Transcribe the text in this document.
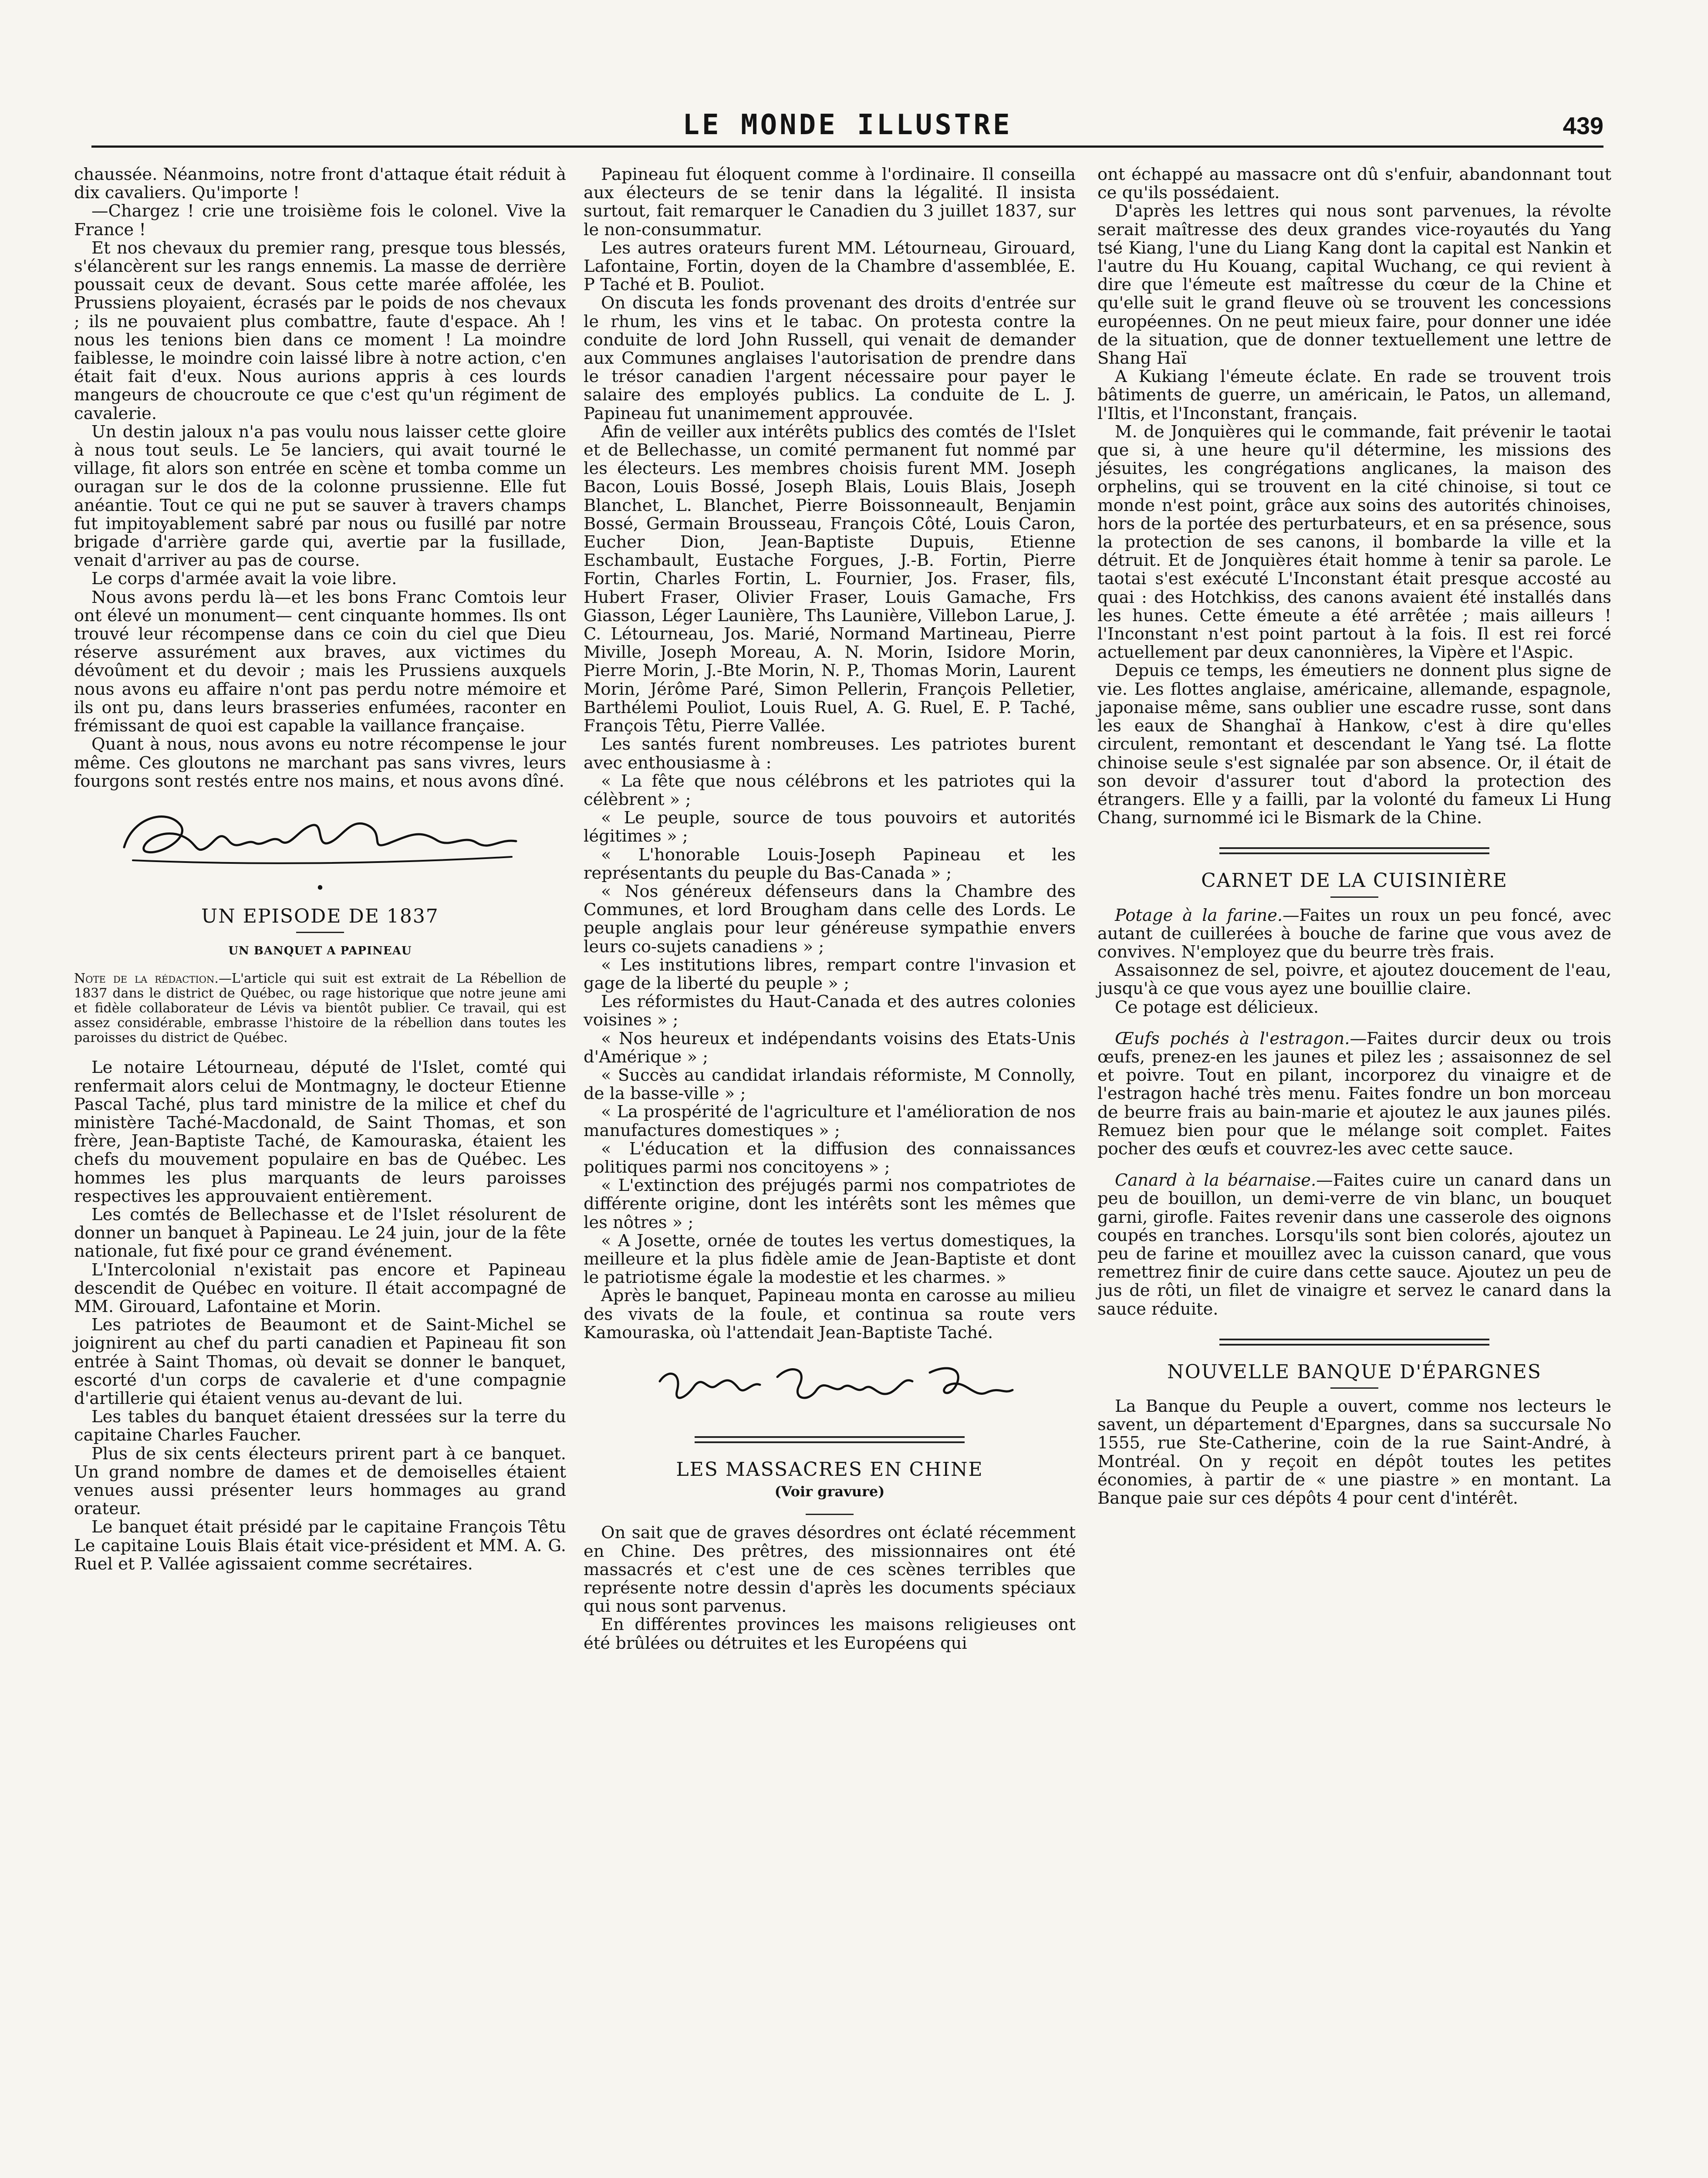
LE MONDE ILLUSTRE	439

chaussée. Néanmoins, notre front d'attaque était réduit à dix cavaliers. Qu'importe !

—Chargez ! crie une troisième fois le colonel. Vive la France !

Et nos chevaux du premier rang, presque tous blessés, s'élancèrent sur les rangs ennemis. La masse de derrière poussait ceux de devant. Sous cette marée affolée, les Prussiens ployaient, écrasés par le poids de nos chevaux ; ils ne pouvaient plus combattre, faute d'espace. Ah ! nous les tenions bien dans ce moment ! La moindre faiblesse, le moindre coin laissé libre à notre action, c'en était fait d'eux. Nous aurions appris à ces lourds mangeurs de choucroute ce que c'est qu'un régiment de cavalerie.

Un destin jaloux n'a pas voulu nous laisser cette gloire à nous tout seuls. Le 5e lanciers, qui avait tourné le village, fit alors son entrée en scène et tomba comme un ouragan sur le dos de la colonne prussienne. Elle fut anéantie. Tout ce qui ne put se sauver à travers champs fut impitoyablement sabré par nous ou fusillé par notre brigade d'arrière garde qui, avertie par la fusillade, venait d'arriver au pas de course.

Le corps d'armée avait la voie libre.

Nous avons perdu là—et les bons Franc Comtois leur ont élevé un monument— cent cinquante hommes. Ils ont trouvé leur récompense dans ce coin du ciel que Dieu réserve assurément aux braves, aux victimes du dévoûment et du devoir ; mais les Prussiens auxquels nous avons eu affaire n'ont pas perdu notre mémoire et ils ont pu, dans leurs brasseries enfumées, raconter en frémissant de quoi est capable la vaillance française.

Quant à nous, nous avons eu notre récompense le jour même. Ces gloutons ne marchant pas sans vivres, leurs fourgons sont restés entre nos mains, et nous avons dîné.

•
UN EPISODE DE 1837
UN BANQUET A PAPINEAU
Note de la rédaction.—L'article qui suit est extrait de La Rébellion de 1837 dans le district de Québec, ou rage historique que notre jeune ami et fidèle collaborateur de Lévis va bientôt publier. Ce travail, qui est assez considérable, embrasse l'histoire de la rébellion dans toutes les paroisses du district de Québec.

Le notaire Létourneau, député de l'Islet, comté qui renfermait alors celui de Montmagny, le docteur Etienne Pascal Taché, plus tard ministre de la milice et chef du ministère Taché-Macdonald, de Saint Thomas, et son frère, Jean-Baptiste Taché, de Kamouraska, étaient les chefs du mouvement populaire en bas de Québec. Les hommes les plus marquants de leurs paroisses respectives les approuvaient entièrement.

Les comtés de Bellechasse et de l'Islet résolurent de donner un banquet à Papineau. Le 24 juin, jour de la fête nationale, fut fixé pour ce grand événement.

L'Intercolonial n'existait pas encore et Papineau descendit de Québec en voiture. Il était accompagné de MM. Girouard, Lafontaine et Morin.

Les patriotes de Beaumont et de Saint-Michel se joignirent au chef du parti canadien et Papineau fit son entrée à Saint Thomas, où devait se donner le banquet, escorté d'un corps de cavalerie et d'une compagnie d'artillerie qui étaient venus au-devant de lui.

Les tables du banquet étaient dressées sur la terre du capitaine Charles Faucher.

Plus de six cents électeurs prirent part à ce banquet. Un grand nombre de dames et de demoiselles étaient venues aussi présenter leurs hommages au grand orateur.

Le banquet était présidé par le capitaine François Têtu Le capitaine Louis Blais était vice-président et MM. A. G. Ruel et P. Vallée agissaient comme secrétaires.

Papineau fut éloquent comme à l'ordinaire. Il conseilla aux électeurs de se tenir dans la légalité. Il insista surtout, fait remarquer le Canadien du 3 juillet 1837, sur le non-consummatur.

Les autres orateurs furent MM. Létourneau, Girouard, Lafontaine, Fortin, doyen de la Chambre d'assemblée, E. P Taché et B. Pouliot.

On discuta les fonds provenant des droits d'entrée sur le rhum, les vins et le tabac. On protesta contre la conduite de lord John Russell, qui venait de demander aux Communes anglaises l'autorisation de prendre dans le trésor canadien l'argent nécessaire pour payer le salaire des employés publics. La conduite de L. J. Papineau fut unanimement approuvée.

Afin de veiller aux intérêts publics des comtés de l'Islet et de Bellechasse, un comité permanent fut nommé par les électeurs. Les membres choisis furent MM. Joseph Bacon, Louis Bossé, Joseph Blais, Louis Blais, Joseph Blanchet, L. Blanchet, Pierre Boissonneault, Benjamin Bossé, Germain Brousseau, François Côté, Louis Caron, Eucher Dion, Jean-Baptiste Dupuis, Etienne Eschambault, Eustache Forgues, J.-B. Fortin, Pierre Fortin, Charles Fortin, L. Fournier, Jos. Fraser, fils, Hubert Fraser, Olivier Fraser, Louis Gamache, Frs Giasson, Léger Launière, Ths Launière, Villebon Larue, J. C. Létourneau, Jos. Marié, Normand Martineau, Pierre Miville, Joseph Moreau, A. N. Morin, Isidore Morin, Pierre Morin, J.-Bte Morin, N. P., Thomas Morin, Laurent Morin, Jérôme Paré, Simon Pellerin, François Pelletier, Barthélemi Pouliot, Louis Ruel, A. G. Ruel, E. P. Taché, François Têtu, Pierre Vallée.

Les santés furent nombreuses. Les patriotes burent avec enthousiasme à :

« La fête que nous célébrons et les patriotes qui la célèbrent » ;

« Le peuple, source de tous pouvoirs et autorités légitimes » ;

« L'honorable Louis-Joseph Papineau et les représentants du peuple du Bas-Canada » ;

« Nos généreux défenseurs dans la Chambre des Communes, et lord Brougham dans celle des Lords. Le peuple anglais pour leur généreuse sympathie envers leurs co-sujets canadiens » ;

« Les institutions libres, rempart contre l'invasion et gage de la liberté du peuple » ;

Les réformistes du Haut-Canada et des autres colonies voisines » ;

« Nos heureux et indépendants voisins des Etats-Unis d'Amérique » ;

« Succès au candidat irlandais réformiste, M Connolly, de la basse-ville » ;

« La prospérité de l'agriculture et l'amélioration de nos manufactures domestiques » ;

« L'éducation et la diffusion des connaissances politiques parmi nos concitoyens » ;

« L'extinction des préjugés parmi nos compatriotes de différente origine, dont les intérêts sont les mêmes que les nôtres » ;

« A Josette, ornée de toutes les vertus domestiques, la meilleure et la plus fidèle amie de Jean-Baptiste et dont le patriotisme égale la modestie et les charmes. »

Après le banquet, Papineau monta en carosse au milieu des vivats de la foule, et continua sa route vers Kamouraska, où l'attendait Jean-Baptiste Taché.

LES MASSACRES EN CHINE
(Voir gravure)

On sait que de graves désordres ont éclaté récemment en Chine. Des prêtres, des missionnaires ont été massacrés et c'est une de ces scènes terribles que représente notre dessin d'après les documents spéciaux qui nous sont parvenus.

En différentes provinces les maisons religieuses ont été brûlées ou détruites et les Européens qui

ont échappé au massacre ont dû s'enfuir, abandonnant tout ce qu'ils possédaient.

D'après les lettres qui nous sont parvenues, la révolte serait maîtresse des deux grandes vice-royautés du Yang tsé Kiang, l'une du Liang Kang dont la capital est Nankin et l'autre du Hu Kouang, capital Wuchang, ce qui revient à dire que l'émeute est maîtresse du cœur de la Chine et qu'elle suit le grand fleuve où se trouvent les concessions européennes. On ne peut mieux faire, pour donner une idée de la situation, que de donner textuellement une lettre de Shang Haï

A Kukiang l'émeute éclate. En rade se trouvent trois bâtiments de guerre, un américain, le Patos, un allemand, l'Iltis, et l'Inconstant, français.

M. de Jonquières qui le commande, fait prévenir le taotai que si, à une heure qu'il détermine, les missions des jésuites, les congrégations anglicanes, la maison des orphelins, qui se trouvent en la cité chinoise, si tout ce monde n'est point, grâce aux soins des autorités chinoises, hors de la portée des perturbateurs, et en sa présence, sous la protection de ses canons, il bombarde la ville et la détruit. Et de Jonquières était homme à tenir sa parole. Le taotai s'est exécuté L'Inconstant était presque accosté au quai : des Hotchkiss, des canons avaient été installés dans les hunes. Cette émeute a été arrêtée ; mais ailleurs ! l'Inconstant n'est point partout à la fois. Il est rei forcé actuellement par deux canonnières, la Vipère et l'Aspic.

Depuis ce temps, les émeutiers ne donnent plus signe de vie. Les flottes anglaise, américaine, allemande, espagnole, japonaise même, sans oublier une escadre russe, sont dans les eaux de Shanghaï à Hankow, c'est à dire qu'elles circulent, remontant et descendant le Yang tsé. La flotte chinoise seule s'est signalée par son absence. Or, il était de son devoir d'assurer tout d'abord la protection des étrangers. Elle y a failli, par la volonté du fameux Li Hung Chang, surnommé ici le Bismark de la Chine.

CARNET DE LA CUISINIÈRE

Potage à la farine.—Faites un roux un peu foncé, avec autant de cuillerées à bouche de farine que vous avez de convives. N'employez que du beurre très frais.

Assaisonnez de sel, poivre, et ajoutez doucement de l'eau, jusqu'à ce que vous ayez une bouillie claire.

Ce potage est délicieux.

Œufs pochés à l'estragon.—Faites durcir deux ou trois œufs, prenez-en les jaunes et pilez les ; assaisonnez de sel et poivre. Tout en pilant, incorporez du vinaigre et de l'estragon haché très menu. Faites fondre un bon morceau de beurre frais au bain-marie et ajoutez le aux jaunes pilés. Remuez bien pour que le mélange soit complet. Faites pocher des œufs et couvrez-les avec cette sauce.

Canard à la béarnaise.—Faites cuire un canard dans un peu de bouillon, un demi-verre de vin blanc, un bouquet garni, girofle. Faites revenir dans une casserole des oignons coupés en tranches. Lorsqu'ils sont bien colorés, ajoutez un peu de farine et mouillez avec la cuisson canard, que vous remettrez finir de cuire dans cette sauce. Ajoutez un peu de jus de rôti, un filet de vinaigre et servez le canard dans la sauce réduite.

NOUVELLE BANQUE D'ÉPARGNES

La Banque du Peuple a ouvert, comme nos lecteurs le savent, un département d'Epargnes, dans sa succursale No 1555, rue Ste-Catherine, coin de la rue Saint-André, à Montréal. On y reçoit en dépôt toutes les petites économies, à partir de « une piastre » en montant. La Banque paie sur ces dépôts 4 pour cent d'intérêt.
